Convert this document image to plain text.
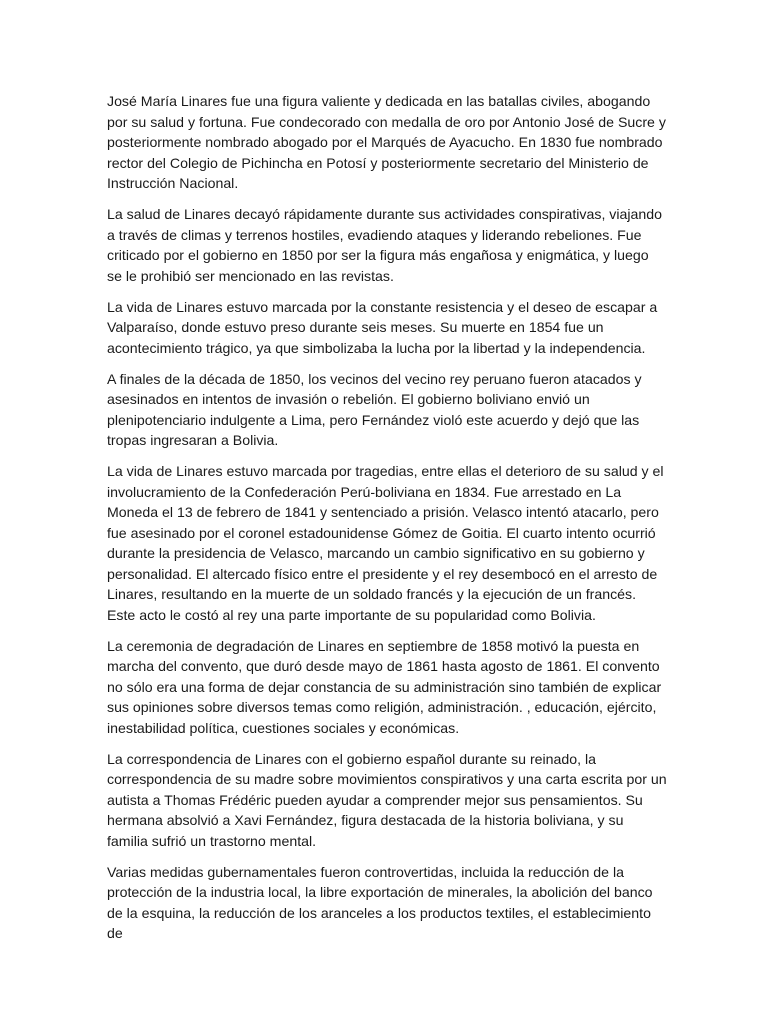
José María Linares fue una figura valiente y dedicada en las batallas civiles, abogando por su salud y fortuna. Fue condecorado con medalla de oro por Antonio José de Sucre y posteriormente nombrado abogado por el Marqués de Ayacucho. En 1830 fue nombrado rector del Colegio de Pichincha en Potosí y posteriormente secretario del Ministerio de Instrucción Nacional.

La salud de Linares decayó rápidamente durante sus actividades conspirativas, viajando a través de climas y terrenos hostiles, evadiendo ataques y liderando rebeliones. Fue criticado por el gobierno en 1850 por ser la figura más engañosa y enigmática, y luego se le prohibió ser mencionado en las revistas.

La vida de Linares estuvo marcada por la constante resistencia y el deseo de escapar a Valparaíso, donde estuvo preso durante seis meses. Su muerte en 1854 fue un acontecimiento trágico, ya que simbolizaba la lucha por la libertad y la independencia.

A finales de la década de 1850, los vecinos del vecino rey peruano fueron atacados y asesinados en intentos de invasión o rebelión. El gobierno boliviano envió un plenipotenciario indulgente a Lima, pero Fernández violó este acuerdo y dejó que las tropas ingresaran a Bolivia.

La vida de Linares estuvo marcada por tragedias, entre ellas el deterioro de su salud y el involucramiento de la Confederación Perú-boliviana en 1834. Fue arrestado en La Moneda el 13 de febrero de 1841 y sentenciado a prisión. Velasco intentó atacarlo, pero fue asesinado por el coronel estadounidense Gómez de Goitia. El cuarto intento ocurrió durante la presidencia de Velasco, marcando un cambio significativo en su gobierno y personalidad. El altercado físico entre el presidente y el rey desembocó en el arresto de Linares, resultando en la muerte de un soldado francés y la ejecución de un francés. Este acto le costó al rey una parte importante de su popularidad como Bolivia.

La ceremonia de degradación de Linares en septiembre de 1858 motivó la puesta en marcha del convento, que duró desde mayo de 1861 hasta agosto de 1861. El convento no sólo era una forma de dejar constancia de su administración sino también de explicar sus opiniones sobre diversos temas como religión, administración. , educación, ejército, inestabilidad política, cuestiones sociales y económicas.

La correspondencia de Linares con el gobierno español durante su reinado, la correspondencia de su madre sobre movimientos conspirativos y una carta escrita por un autista a Thomas Frédéric pueden ayudar a comprender mejor sus pensamientos. Su hermana absolvió a Xavi Fernández, figura destacada de la historia boliviana, y su familia sufrió un trastorno mental.

Varias medidas gubernamentales fueron controvertidas, incluida la reducción de la protección de la industria local, la libre exportación de minerales, la abolición del banco de la esquina, la reducción de los aranceles a los productos textiles, el establecimiento de
